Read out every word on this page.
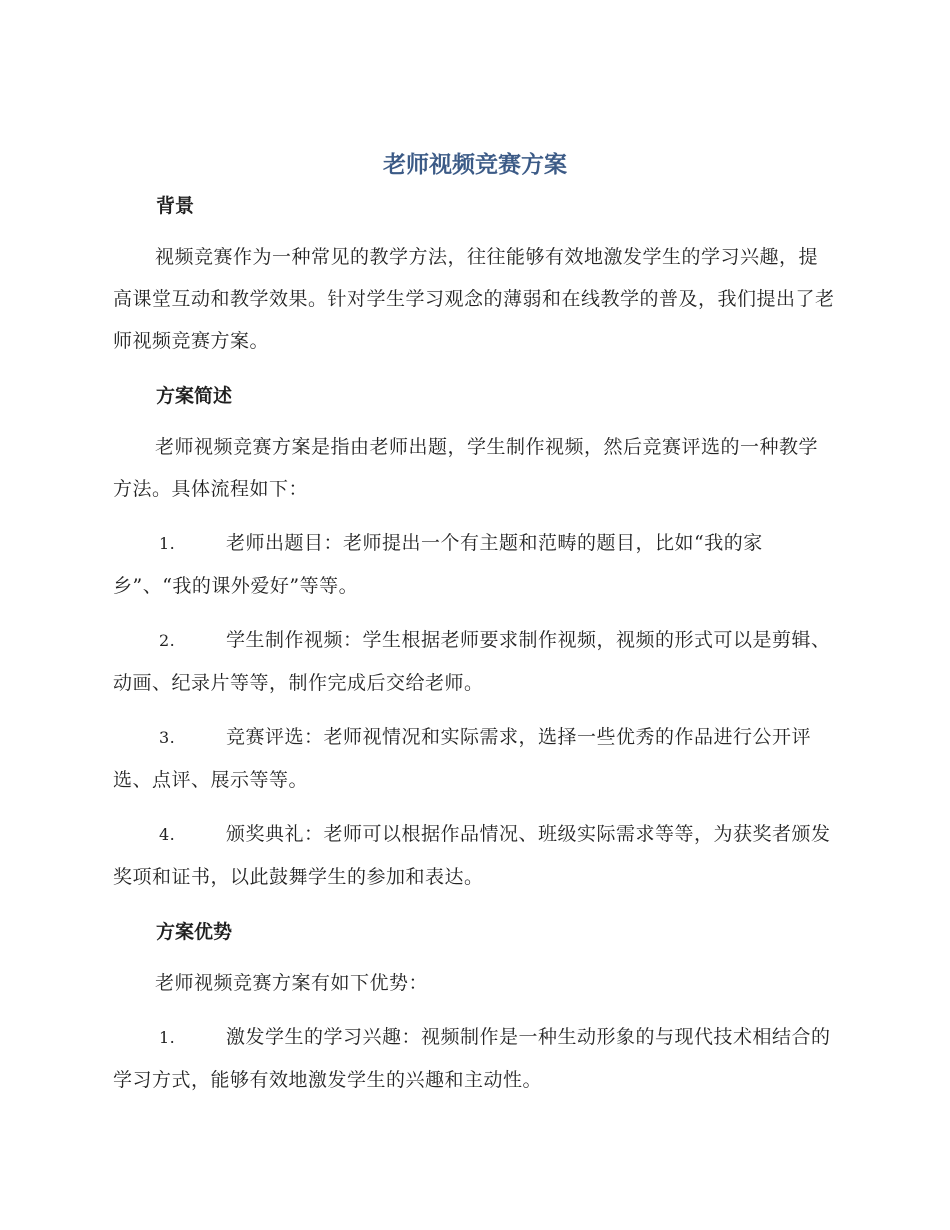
老师视频竞赛方案
背景

视频竞赛作为一种常见的教学方法，往往能够有效地激发学生的学习兴趣，提高课堂互动和教学效果。针对学生学习观念的薄弱和在线教学的普及，我们提出了老师视频竞赛方案。

方案简述

老师视频竞赛方案是指由老师出题，学生制作视频，然后竞赛评选的一种教学方法。具体流程如下：

1.	老师出题目：老师提出一个有主题和范畴的题目，比如“我的家乡”、“我的课外爱好”等等。

2.	学生制作视频：学生根据老师要求制作视频，视频的形式可以是剪辑、动画、纪录片等等，制作完成后交给老师。

3.	竞赛评选：老师视情况和实际需求，选择一些优秀的作品进行公开评选、点评、展示等等。

4.	颁奖典礼：老师可以根据作品情况、班级实际需求等等，为获奖者颁发奖项和证书，以此鼓舞学生的参加和表达。

方案优势

老师视频竞赛方案有如下优势：

1.	激发学生的学习兴趣：视频制作是一种生动形象的与现代技术相结合的学习方式，能够有效地激发学生的兴趣和主动性。
